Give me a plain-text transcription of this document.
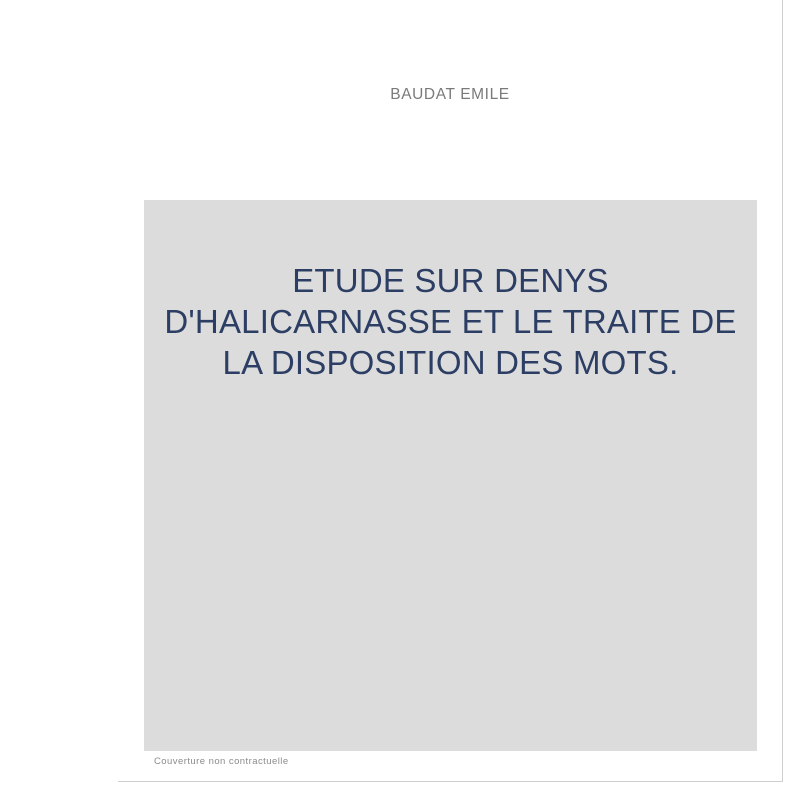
BAUDAT EMILE
ETUDE SUR DENYS D'HALICARNASSE ET LE TRAITE DE LA DISPOSITION DES MOTS.
Couverture non contractuelle
